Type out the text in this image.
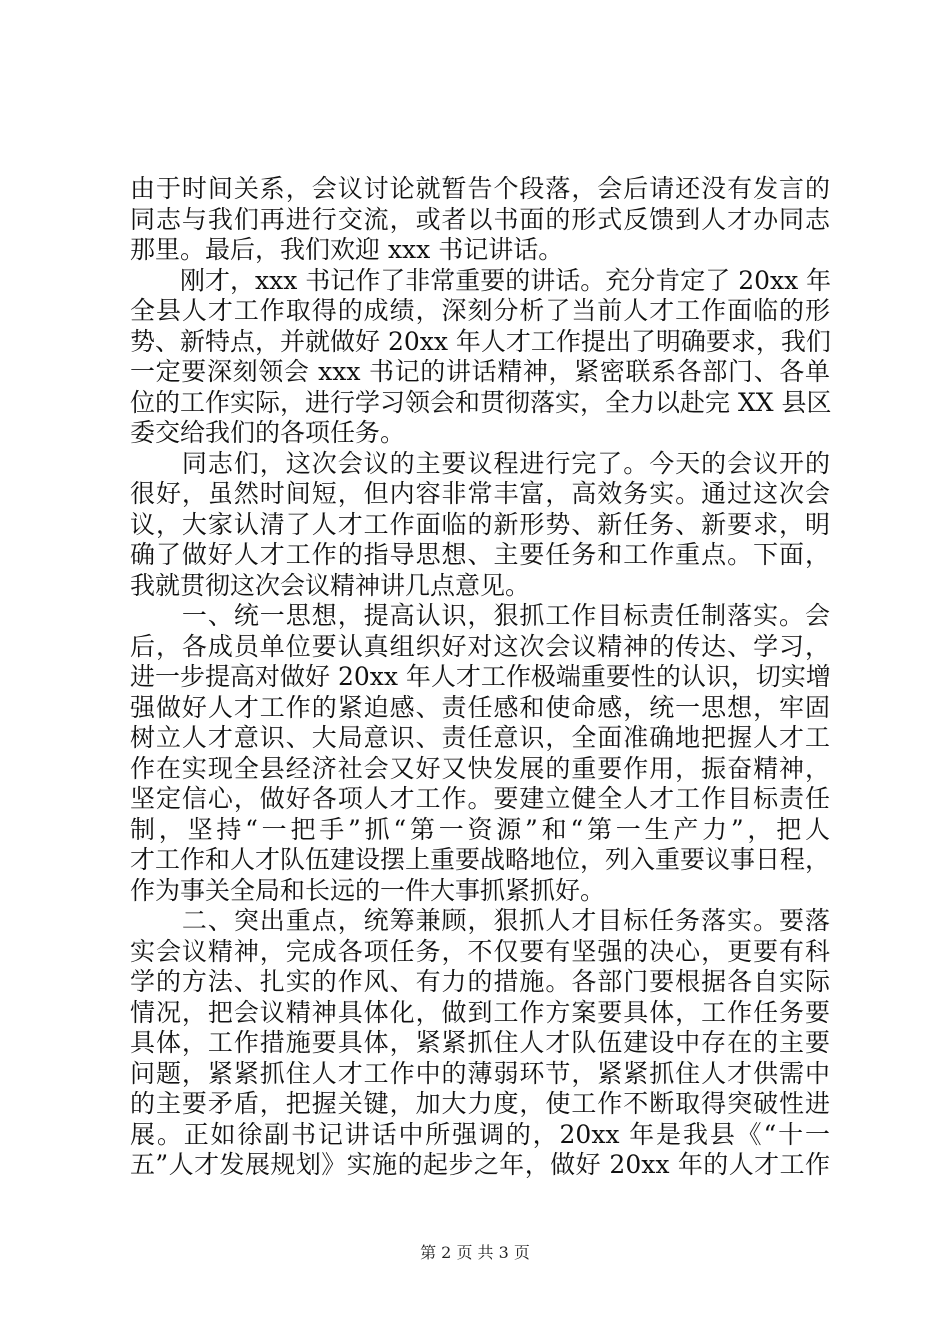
由于时间关系，会议讨论就暂告个段落，会后请还没有发言的
同志与我们再进行交流，或者以书面的形式反馈到人才办同志
那里。最后，我们欢迎 xxx 书记讲话。
　　刚才，xxx 书记作了非常重要的讲话。充分肯定了 20xx 年
全县人才工作取得的成绩，深刻分析了当前人才工作面临的形
势、新特点，并就做好 20xx 年人才工作提出了明确要求，我们
一定要深刻领会 xxx 书记的讲话精神，紧密联系各部门、各单
位的工作实际，进行学习领会和贯彻落实，全力以赴完 XX 县区
委交给我们的各项任务。
　　同志们，这次会议的主要议程进行完了。今天的会议开的
很好，虽然时间短，但内容非常丰富，高效务实。通过这次会
议，大家认清了人才工作面临的新形势、新任务、新要求，明
确了做好人才工作的指导思想、主要任务和工作重点。下面，
我就贯彻这次会议精神讲几点意见。
　　一、统一思想，提高认识，狠抓工作目标责任制落实。会
后，各成员单位要认真组织好对这次会议精神的传达、学习，
进一步提高对做好 20xx 年人才工作极端重要性的认识，切实增
强做好人才工作的紧迫感、责任感和使命感，统一思想，牢固
树立人才意识、大局意识、责任意识，全面准确地把握人才工
作在实现全县经济社会又好又快发展的重要作用，振奋精神，
坚定信心，做好各项人才工作。要建立健全人才工作目标责任
制，坚持“一把手”抓“第一资源”和“第一生产力”，把人
才工作和人才队伍建设摆上重要战略地位，列入重要议事日程，
作为事关全局和长远的一件大事抓紧抓好。
　　二、突出重点，统筹兼顾，狠抓人才目标任务落实。要落
实会议精神，完成各项任务，不仅要有坚强的决心，更要有科
学的方法、扎实的作风、有力的措施。各部门要根据各自实际
情况，把会议精神具体化，做到工作方案要具体，工作任务要
具体，工作措施要具体，紧紧抓住人才队伍建设中存在的主要
问题，紧紧抓住人才工作中的薄弱环节，紧紧抓住人才供需中
的主要矛盾，把握关键，加大力度，使工作不断取得突破性进
展。正如徐副书记讲话中所强调的，20xx 年是我县《“十一
五”人才发展规划》实施的起步之年，做好 20xx 年的人才工作
第 2 页 共 3 页
